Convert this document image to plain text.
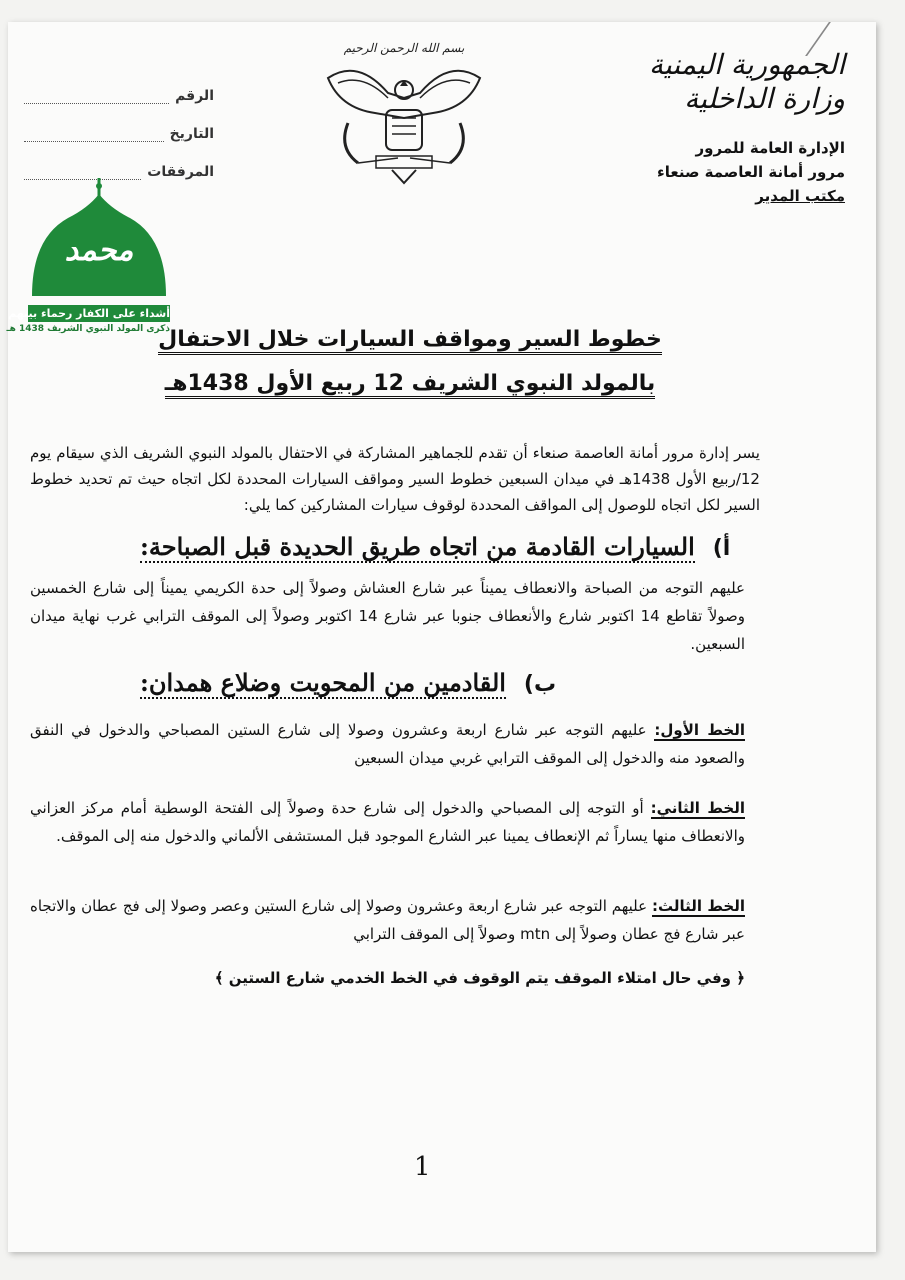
الجمهورية اليمنية
وزارة الداخلية
الإدارة العامة للمرور
مرور أمانة العاصمة صنعاء
مكتب المدير
بسم الله الرحمن الرحيم
الرقم
التاريخ
المرفقات
محمد
أشداء على الكفار رحماء بينهم
ذكرى المولد النبوي الشريف 1438 هـ
خطوط السير ومواقف السيارات خلال الاحتفال
بالمولد النبوي الشريف 12 ربيع الأول 1438هـ
يسر إدارة مرور أمانة العاصمة صنعاء أن تقدم للجماهير المشاركة في الاحتفال بالمولد النبوي الشريف الذي سيقام يوم 12/ربيع الأول 1438هـ في ميدان السبعين خطوط السير ومواقف السيارات المحددة لكل اتجاه حيث تم تحديد خطوط السير لكل اتجاه للوصول إلى المواقف المحددة لوقوف سيارات المشاركين كما يلي:
أ)السيارات القادمة من اتجاه طريق الحديدة قبل الصباحة:
عليهم التوجه من الصباحة والانعطاف يميناً عبر شارع العشاش وصولاً إلى حدة الكريمي يميناً إلى شارع الخمسين وصولاً تقاطع 14 اكتوبر شارع والأنعطاف جنوبا عبر شارع 14 اكتوبر وصولاً إلى الموقف الترابي غرب نهاية ميدان السبعين.
ب)القادمين من المحويت وضلاع همدان:
الخط الأول: عليهم التوجه عبر شارع اربعة وعشرون وصولا إلى شارع الستين المصباحي والدخول في النفق والصعود منه والدخول إلى الموقف الترابي غربي ميدان السبعين
الخط الثاني: أو التوجه إلى المصباحي والدخول إلى شارع حدة وصولاً إلى الفتحة الوسطية أمام مركز العزاني والانعطاف منها يساراً ثم الإنعطاف يمينا عبر الشارع الموجود قبل المستشفى الألماني والدخول منه إلى الموقف.
الخط الثالث: عليهم التوجه عبر شارع اربعة وعشرون وصولا إلى شارع الستين وعصر وصولا إلى فج عطان والاتجاه عبر شارع فج عطان وصولاً إلى mtn وصولاً إلى الموقف الترابي
﴿ وفي حال امتلاء الموقف يتم الوقوف في الخط الخدمي شارع الستين ﴾
1
